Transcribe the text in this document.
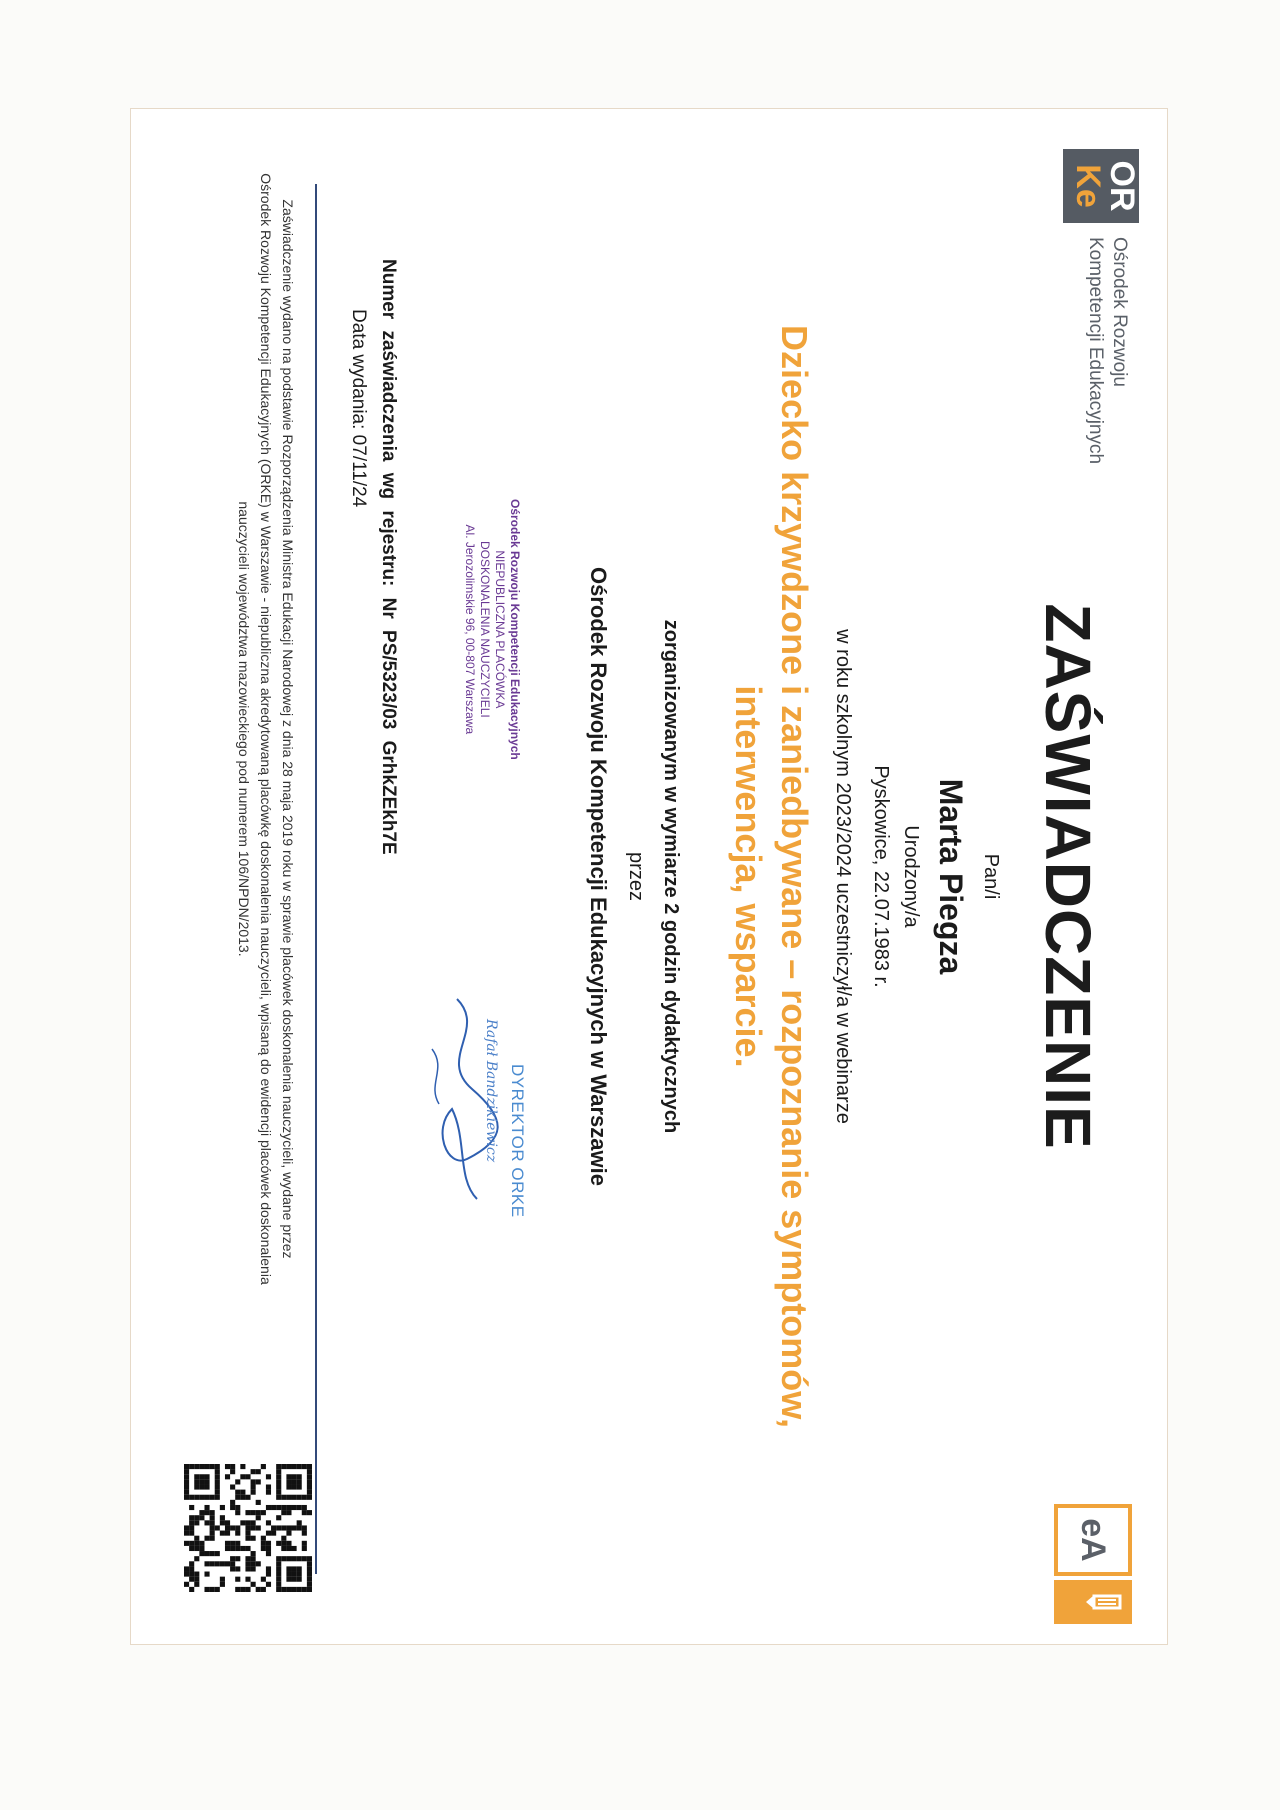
OR
Ke
Ośrodek Rozwoju
Kompetencji Edukacyjnych
eA
ZAŚWIADCZENIE
Pan/i
Marta Piegza
Urodzony/a
Pyskowice, 22.07.1983 r.
w roku szkolnym 2023/2024 uczestniczył/a w webinarze
Dziecko krzywdzone i zaniedbywane – rozpoznanie symptomów,
interwencja, wsparcie.
zorganizowanym w wymiarze 2 godzin dydaktycznych
przez
Ośrodek Rozwoju Kompetencji Edukacyjnych w Warszawie
Ośrodek Rozwoju Kompetencji Edukacyjnych
NIEPUBLICZNA PLACÓWKA
DOSKONALENIA NAUCZYCIELI
Al. Jerozolimskie 96, 00-807 Warszawa
DYREKTOR ORKE
Rafał Bandzikiewicz
Numer zaświadczenia wg rejestru: Nr PS/5323/03 GrhkZEkh7E
Data wydania: 07/11/24
Zaświadczenie wydano na podstawie Rozporządzenia Ministra Edukacji Narodowej z dnia 28 maja 2019 roku w sprawie placówek doskonalenia nauczycieli, wydane przez
Ośrodek Rozwoju Kompetencji Edukacyjnych (ORKE) w Warszawie - niepubliczna akredytowaną placówkę doskonalenia nauczycieli, wpisaną do ewidencji placówek doskonalenia
nauczycieli województwa mazowieckiego pod numerem 106/NPDN/2013.
